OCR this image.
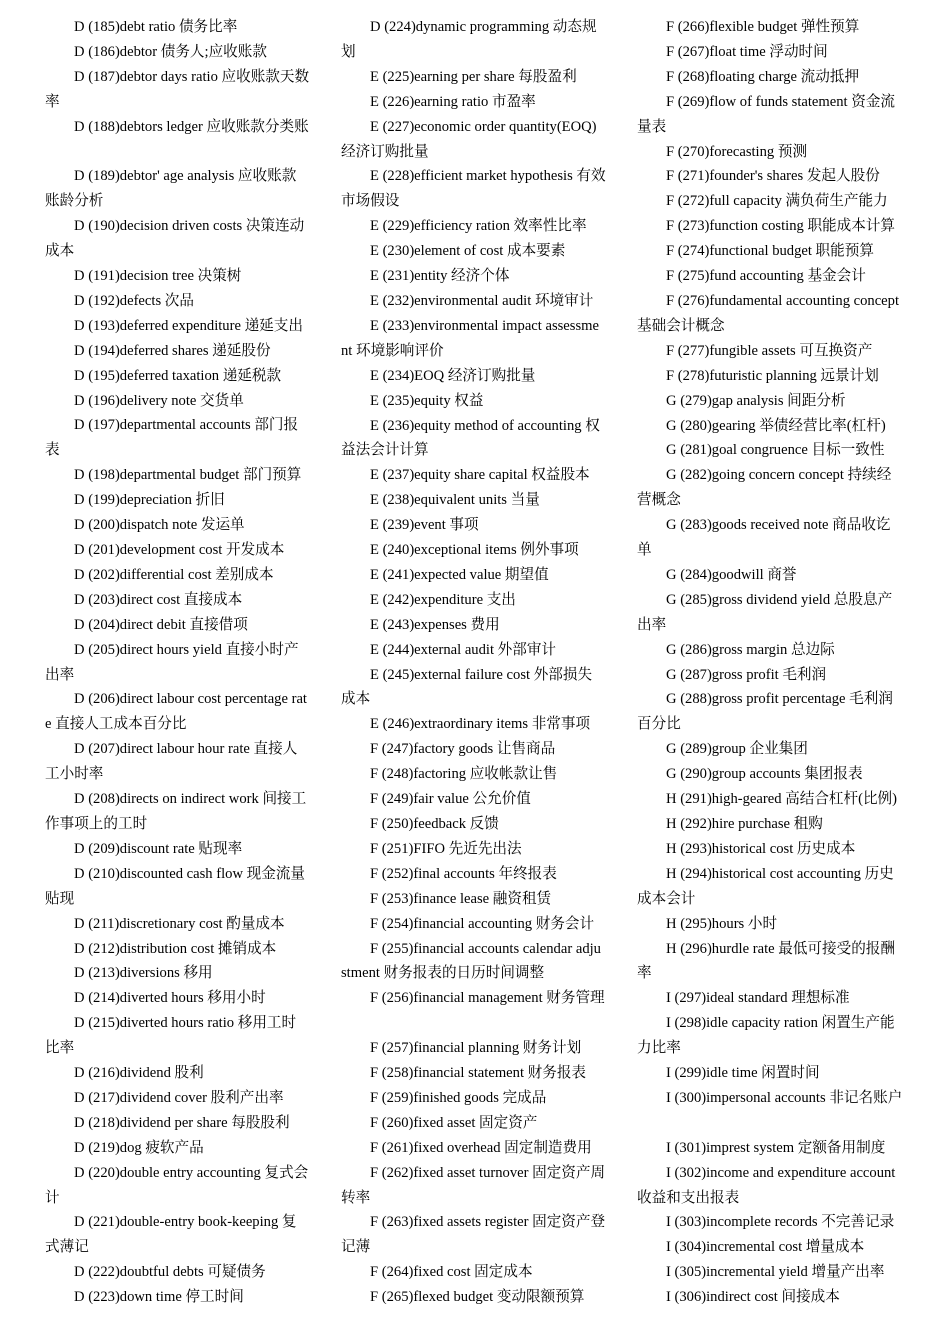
D (185)debt ratio 债务比率
D (186)debtor 债务人;应收账款
D (187)debtor days ratio 应收账款天数率
D (188)debtors ledger 应收账款分类账
D (189)debtor' age analysis 应收账款账龄分析
D (190)decision driven costs 决策连动成本
D (191)decision tree 决策树
D (192)defects 次品
D (193)deferred expenditure 递延支出
D (194)deferred shares 递延股份
D (195)deferred taxation 递延税款
D (196)delivery note 交货单
D (197)departmental accounts 部门报表
D (198)departmental budget 部门预算
D (199)depreciation 折旧
D (200)dispatch note 发运单
D (201)development cost 开发成本
D (202)differential cost 差别成本
D (203)direct cost 直接成本
D (204)direct debit 直接借项
D (205)direct hours yield 直接小时产出率
D (206)direct labour cost percentage rate 直接人工成本百分比
D (207)direct labour hour rate 直接人工小时率
D (208)directs on indirect work 间接工作事项上的工时
D (209)discount rate 贴现率
D (210)discounted cash flow 现金流量贴现
D (211)discretionary cost 酌量成本
D (212)distribution cost 摊销成本
D (213)diversions 移用
D (214)diverted hours 移用小时
D (215)diverted hours ratio 移用工时比率
D (216)dividend 股利
D (217)dividend cover 股利产出率
D (218)dividend per share 每股股利
D (219)dog 疲软产品
D (220)double entry accounting 复式会计
D (221)double-entry book-keeping 复式薄记
D (222)doubtful debts 可疑债务
D (223)down time 停工时间
D (224)dynamic programming 动态规划
E (225)earning per share 每股盈利
E (226)earning ratio 市盈率
E (227)economic order quantity(EOQ) 经济订购批量
E (228)efficient market hypothesis 有效市场假设
E (229)efficiency ration 效率性比率
E (230)element of cost 成本要素
E (231)entity 经济个体
E (232)environmental audit 环境审计
E (233)environmental impact assessment 环境影响评价
E (234)EOQ 经济订购批量
E (235)equity 权益
E (236)equity method of accounting 权益法会计计算
E (237)equity share capital 权益股本
E (238)equivalent units 当量
E (239)event 事项
E (240)exceptional items 例外事项
E (241)expected value 期望值
E (242)expenditure 支出
E (243)expenses 费用
E (244)external audit 外部审计
E (245)external failure cost 外部损失成本
E (246)extraordinary items 非常事项
F (247)factory goods 让售商品
F (248)factoring 应收帐款让售
F (249)fair value 公允价值
F (250)feedback 反馈
F (251)FIFO 先近先出法
F (252)final accounts 年终报表
F (253)finance lease 融资租赁
F (254)financial accounting 财务会计
F (255)financial accounts calendar adjustment 财务报表的日历时间调整
F (256)financial management 财务管理
F (257)financial planning 财务计划
F (258)financial statement 财务报表
F (259)finished goods 完成品
F (260)fixed asset 固定资产
F (261)fixed overhead 固定制造费用
F (262)fixed asset turnover 固定资产周转率
F (263)fixed assets register 固定资产登记薄
F (264)fixed cost 固定成本
F (265)flexed budget 变动限额预算
F (266)flexible budget 弹性预算
F (267)float time 浮动时间
F (268)floating charge 流动抵押
F (269)flow of funds statement 资金流量表
F (270)forecasting 预测
F (271)founder's shares 发起人股份
F (272)full capacity 满负荷生产能力
F (273)function costing 职能成本计算
F (274)functional budget 职能预算
F (275)fund accounting 基金会计
F (276)fundamental accounting concept 基础会计概念
F (277)fungible assets 可互换资产
F (278)futuristic planning 远景计划
G (279)gap analysis 间距分析
G (280)gearing 举债经营比率(杠杆)
G (281)goal congruence 目标一致性
G (282)going concern concept 持续经营概念
G (283)goods received note 商品收讫单
G (284)goodwill 商誉
G (285)gross dividend yield 总股息产出率
G (286)gross margin 总边际
G (287)gross profit 毛利润
G (288)gross profit percentage 毛利润百分比
G (289)group 企业集团
G (290)group accounts 集团报表
H (291)high-geared 高结合杠杆(比例)
H (292)hire purchase 租购
H (293)historical cost 历史成本
H (294)historical cost accounting 历史成本会计
H (295)hours 小时
H (296)hurdle rate 最低可接受的报酬率
I (297)ideal standard 理想标准
I (298)idle capacity ration 闲置生产能力比率
I (299)idle time 闲置时间
I (300)impersonal accounts 非记名账户
I (301)imprest system 定额备用制度
I (302)income and expenditure account 收益和支出报表
I (303)incomplete records 不完善记录
I (304)incremental cost 增量成本
I (305)incremental yield 增量产出率
I (306)indirect cost 间接成本
